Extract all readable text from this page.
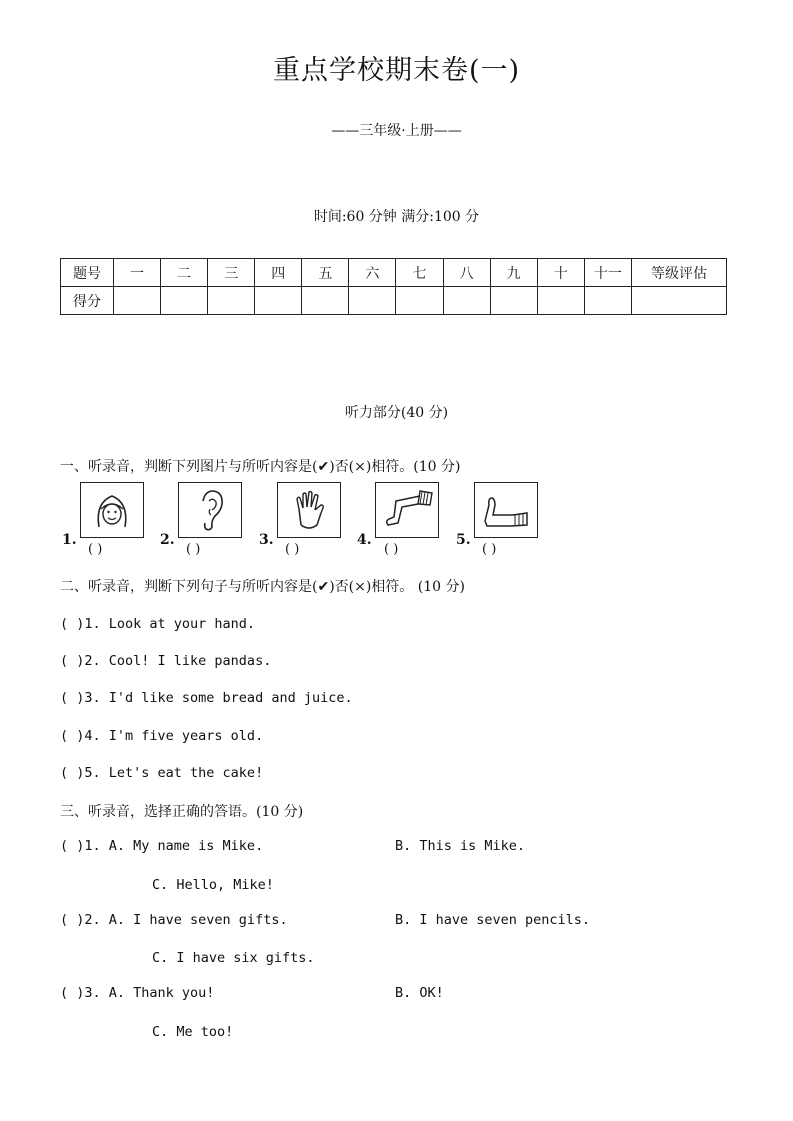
重点学校期末卷(一)
——三年级·上册——
时间:60 分钟 满分:100 分
题号	一	二	三	四	五	六	七	八	九	十	十一	等级评估
得分												
听力部分(40 分)
一、听录音，判断下列图片与所听内容是(✔)否(×)相符。(10 分)
1.
( )
2.
( )
3.
( )
4.
( )
5.
( )
二、听录音，判断下列句子与所听内容是(✔)否(×)相符。 (10 分)
( )1. Look at your hand.
( )2. Cool! I like pandas.
( )3. I'd like some bread and juice.
( )4. I'm five years old.
( )5. Let's eat the cake!
三、听录音，选择正确的答语。(10 分)
( )1. A. My name is Mike.	B. This is Mike.
C. Hello, Mike!
( )2. A. I have seven gifts.	B. I have seven pencils.
C. I have six gifts.
( )3. A. Thank you!	B. OK!
C. Me too!
